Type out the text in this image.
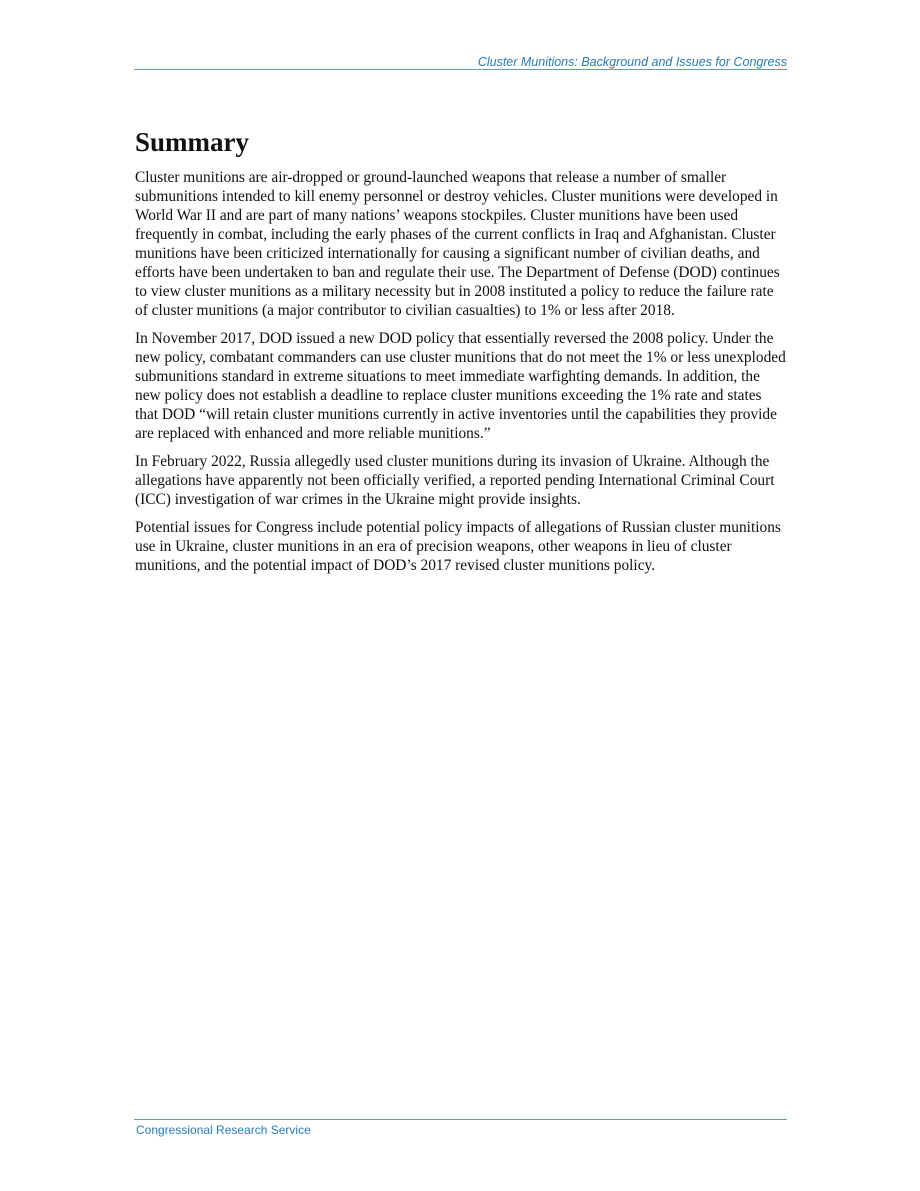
Cluster Munitions: Background and Issues for Congress
Summary

Cluster munitions are air-dropped or ground-launched weapons that release a number of smaller submunitions intended to kill enemy personnel or destroy vehicles. Cluster munitions were developed in World War II and are part of many nations’ weapons stockpiles. Cluster munitions have been used frequently in combat, including the early phases of the current conflicts in Iraq and Afghanistan. Cluster munitions have been criticized internationally for causing a significant number of civilian deaths, and efforts have been undertaken to ban and regulate their use. The Department of Defense (DOD) continues to view cluster munitions as a military necessity but in 2008 instituted a policy to reduce the failure rate of cluster munitions (a major contributor to civilian casualties) to 1% or less after 2018.

In November 2017, DOD issued a new DOD policy that essentially reversed the 2008 policy. Under the new policy, combatant commanders can use cluster munitions that do not meet the 1% or less unexploded submunitions standard in extreme situations to meet immediate warfighting demands. In addition, the new policy does not establish a deadline to replace cluster munitions exceeding the 1% rate and states that DOD “will retain cluster munitions currently in active inventories until the capabilities they provide are replaced with enhanced and more reliable munitions.”

In February 2022, Russia allegedly used cluster munitions during its invasion of Ukraine. Although the allegations have apparently not been officially verified, a reported pending International Criminal Court (ICC) investigation of war crimes in the Ukraine might provide insights.

Potential issues for Congress include potential policy impacts of allegations of Russian cluster munitions use in Ukraine, cluster munitions in an era of precision weapons, other weapons in lieu of cluster munitions, and the potential impact of DOD’s 2017 revised cluster munitions policy.

Congressional Research Service
